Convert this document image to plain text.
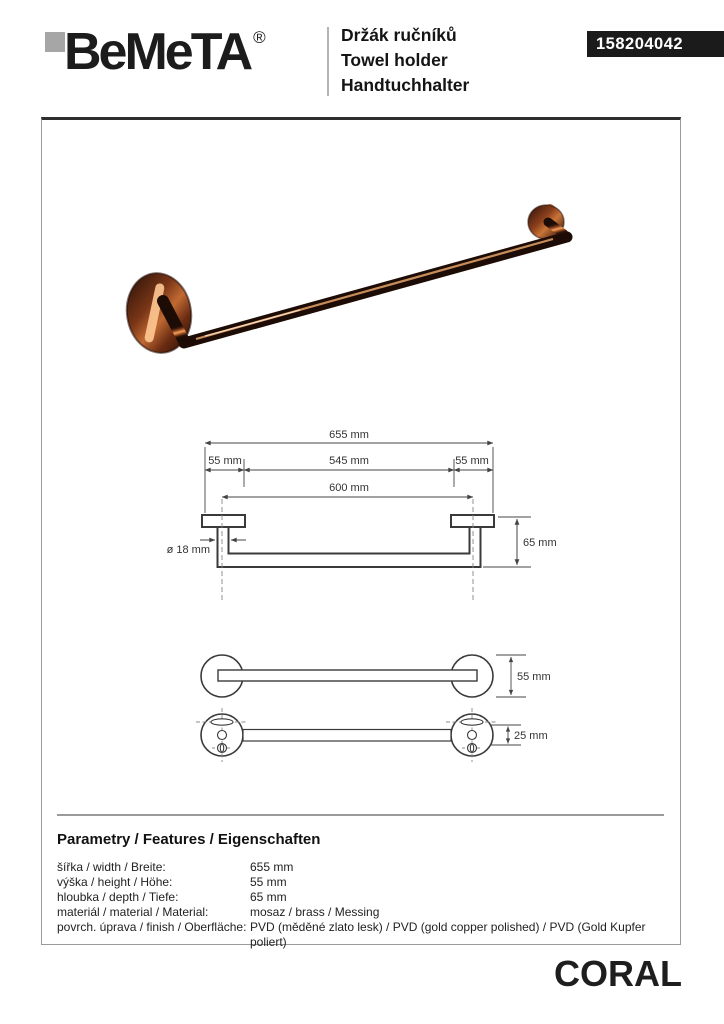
BeMeTA ®	Držák ručníků
Towel holder
Handtuchhalter
158204042
655 mm
55 mm	545 mm	55 mm
600 mm
ø 18 mm
65 mm
55 mm
25 mm
Parametry / Features / Eigenschaften
šířka / width / Breite:	655 mm
výška / height / Höhe:	55 mm
hloubka / depth / Tiefe:	65 mm
materiál / material / Material:	mosaz / brass / Messing
povrch. úprava / finish / Oberfläche: PVD (měděné zlato lesk) / PVD (gold copper polished) / PVD (Gold Kupfer poliert)
CORAL
